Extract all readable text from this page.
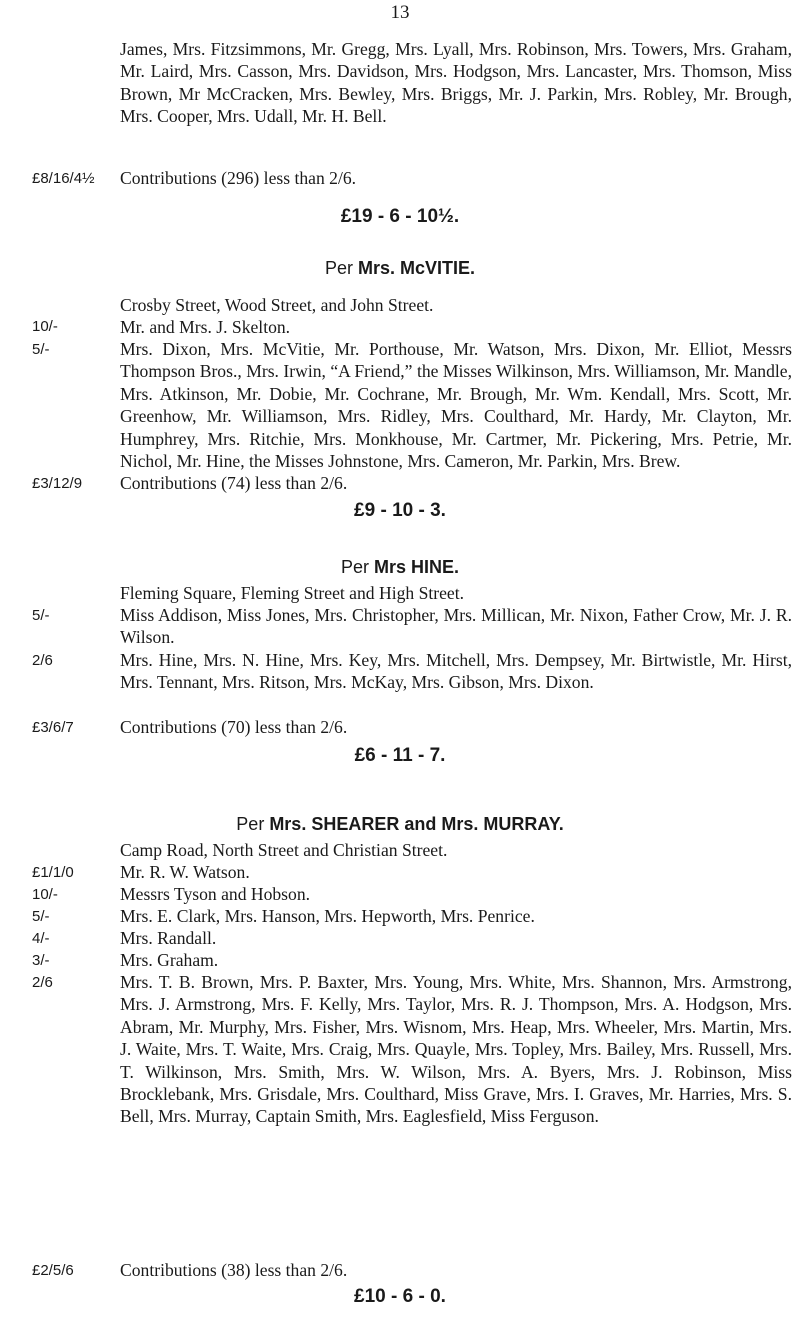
13
James, Mrs. Fitzsimmons, Mr. Gregg, Mrs. Lyall, Mrs. Robinson, Mrs. Towers, Mrs. Graham, Mr. Laird, Mrs. Casson, Mrs. Davidson, Mrs. Hodgson, Mrs. Lancaster, Mrs. Thomson, Miss Brown, Mr McCracken, Mrs. Bewley, Mrs. Briggs, Mr. J. Parkin, Mrs. Robley, Mr. Brough, Mrs. Cooper, Mrs. Udall, Mr. H. Bell.
£8/16/4½ Contributions (296) less than 2/6.
£19 - 6 - 10½.
Per Mrs. McVITIE.
Crosby Street, Wood Street, and John Street.
10/-	Mr. and Mrs. J. Skelton.
5/-	Mrs. Dixon, Mrs. McVitie, Mr. Porthouse, Mr. Watson, Mrs. Dixon, Mr. Elliot, Messrs Thompson Bros., Mrs. Irwin, “A Friend,” the Misses Wilkinson, Mrs. Williamson, Mr. Mandle, Mrs. Atkinson, Mr. Dobie, Mr. Cochrane, Mr. Brough, Mr. Wm. Kendall, Mrs. Scott, Mr. Greenhow, Mr. Williamson, Mrs. Ridley, Mrs. Coulthard, Mr. Hardy, Mr. Clayton, Mr. Humphrey, Mrs. Ritchie, Mrs. Monkhouse, Mr. Cartmer, Mr. Pickering, Mrs. Petrie, Mr. Nichol, Mr. Hine, the Misses Johnstone, Mrs. Cameron, Mr. Parkin, Mrs. Brew.
£3/12/9 Contributions (74) less than 2/6.
£9 - 10 - 3.
Per Mrs HINE.
Fleming Square, Fleming Street and High Street.
5/-	Miss Addison, Miss Jones, Mrs. Christopher, Mrs. Millican, Mr. Nixon, Father Crow, Mr. J. R. Wilson.
2/6	Mrs. Hine, Mrs. N. Hine, Mrs. Key, Mrs. Mitchell, Mrs. Dempsey, Mr. Birtwistle, Mr. Hirst, Mrs. Tennant, Mrs. Ritson, Mrs. McKay, Mrs. Gibson, Mrs. Dixon.
£3/6/7	Contributions (70) less than 2/6.
£6 - 11 - 7.
Per Mrs. SHEARER and Mrs. MURRAY.
Camp Road, North Street and Christian Street.
£1/1/0	Mr. R. W. Watson.
10/-	Messrs Tyson and Hobson.
5/-	Mrs. E. Clark, Mrs. Hanson, Mrs. Hepworth, Mrs. Penrice.
4/-	Mrs. Randall.
3/-	Mrs. Graham.
2/6	Mrs. T. B. Brown, Mrs. P. Baxter, Mrs. Young, Mrs. White, Mrs. Shannon, Mrs. Armstrong, Mrs. J. Armstrong, Mrs. F. Kelly, Mrs. Taylor, Mrs. R. J. Thompson, Mrs. A. Hodgson, Mrs. Abram, Mr. Murphy, Mrs. Fisher, Mrs. Wisnom, Mrs. Heap, Mrs. Wheeler, Mrs. Martin, Mrs. J. Waite, Mrs. T. Waite, Mrs. Craig, Mrs. Quayle, Mrs. Topley, Mrs. Bailey, Mrs. Russell, Mrs. T. Wilkinson, Mrs. Smith, Mrs. W. Wilson, Mrs. A. Byers, Mrs. J. Robinson, Miss Brocklebank, Mrs. Grisdale, Mrs. Coulthard, Miss Grave, Mrs. I. Graves, Mr. Harries, Mrs. S. Bell, Mrs. Murray, Captain Smith, Mrs. Eaglesfield, Miss Ferguson.
£2/5/6	Contributions (38) less than 2/6.
£10 - 6 - 0.
